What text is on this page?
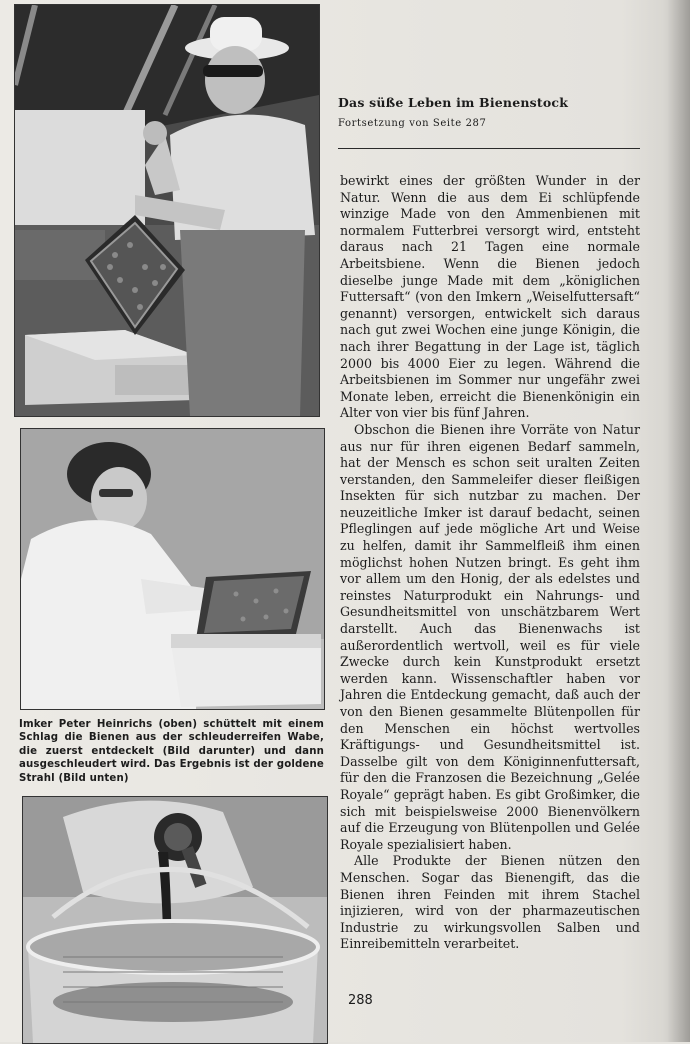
Imker Peter Heinrichs (oben) schüttelt mit einem Schlag die Bienen aus der schleuderreifen Wabe, die zuerst entdeckelt (Bild darunter) und dann ausgeschleudert wird. Das Ergebnis ist der goldene Strahl (Bild unten)
Das süße Leben im Bienenstock
Fortsetzung von Seite 287

bewirkt eines der größten Wunder in der Natur. Wenn die aus dem Ei schlüpfende winzige Made von den Ammenbienen mit normalem Futterbrei versorgt wird, entsteht daraus nach 21 Tagen eine normale Arbeitsbiene. Wenn die Bienen jedoch dieselbe junge Made mit dem „königlichen Futtersaft“ (von den Imkern „Weiselfuttersaft“ genannt) versorgen, entwickelt sich daraus nach gut zwei Wochen eine junge Königin, die nach ihrer Begattung in der Lage ist, täglich 2000 bis 4000 Eier zu legen. Während die Arbeitsbienen im Sommer nur ungefähr zwei Monate leben, erreicht die Bienenkönigin ein Alter von vier bis fünf Jahren.

Obschon die Bienen ihre Vorräte von Natur aus nur für ihren eigenen Bedarf sammeln, hat der Mensch es schon seit uralten Zeiten verstanden, den Sammeleifer dieser fleißigen Insekten für sich nutzbar zu machen. Der neuzeitliche Imker ist darauf bedacht, seinen Pfleglingen auf jede mögliche Art und Weise zu helfen, damit ihr Sammelfleiß ihm einen möglichst hohen Nutzen bringt. Es geht ihm vor allem um den Honig, der als edelstes und reinstes Naturprodukt ein Nahrungs- und Gesundheitsmittel von unschätzbarem Wert darstellt. Auch das Bienenwachs ist außerordentlich wertvoll, weil es für viele Zwecke durch kein Kunstprodukt ersetzt werden kann. Wissenschaftler haben vor Jahren die Entdeckung gemacht, daß auch der von den Bienen gesammelte Blütenpollen für den Menschen ein höchst wertvolles Kräftigungs- und Gesundheitsmittel ist. Dasselbe gilt von dem Königinnenfuttersaft, für den die Franzosen die Bezeichnung „Gelée Royale“ geprägt haben. Es gibt Großimker, die sich mit beispielsweise 2000 Bienenvölkern auf die Erzeugung von Blütenpollen und Gelée Royale spezialisiert haben.

Alle Produkte der Bienen nützen den Menschen. Sogar das Bienengift, das die Bienen ihren Feinden mit ihrem Stachel injizieren, wird von der pharmazeutischen Industrie zu wirkungsvollen Salben und Einreibemitteln verarbeitet.

288
